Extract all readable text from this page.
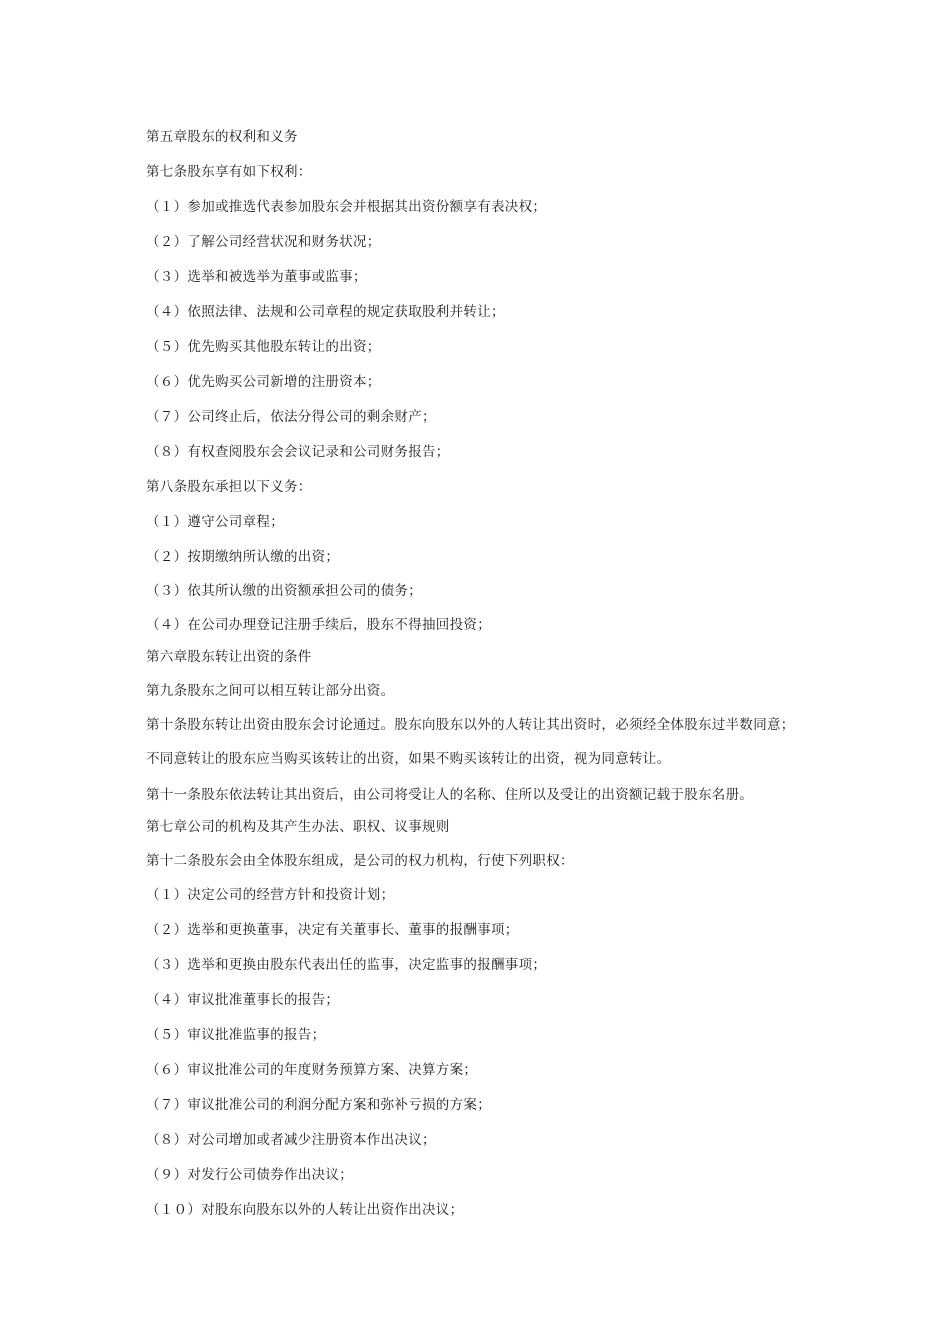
第五章股东的权利和义务
第七条股东享有如下权利：
（１）参加或推选代表参加股东会并根据其出资份额享有表决权；
（２）了解公司经营状况和财务状况；
（３）选举和被选举为董事或监事；
（４）依照法律、法规和公司章程的规定获取股利并转让；
（５）优先购买其他股东转让的出资；
（６）优先购买公司新增的注册资本；
（７）公司终止后，依法分得公司的剩余财产；
（８）有权查阅股东会会议记录和公司财务报告；
第八条股东承担以下义务：
（１）遵守公司章程；
（２）按期缴纳所认缴的出资；
（３）依其所认缴的出资额承担公司的债务；
（４）在公司办理登记注册手续后，股东不得抽回投资；
第六章股东转让出资的条件
第九条股东之间可以相互转让部分出资。
第十条股东转让出资由股东会讨论通过。股东向股东以外的人转让其出资时，必须经全体股东过半数同意；
不同意转让的股东应当购买该转让的出资，如果不购买该转让的出资，视为同意转让。
第十一条股东依法转让其出资后，由公司将受让人的名称、住所以及受让的出资额记载于股东名册。
第七章公司的机构及其产生办法、职权、议事规则
第十二条股东会由全体股东组成，是公司的权力机构，行使下列职权：
（１）决定公司的经营方针和投资计划；
（２）选举和更换董事，决定有关董事长、董事的报酬事项；
（３）选举和更换由股东代表出任的监事，决定监事的报酬事项；
（４）审议批准董事长的报告；
（５）审议批准监事的报告；
（６）审议批准公司的年度财务预算方案、决算方案；
（７）审议批准公司的利润分配方案和弥补亏损的方案；
（８）对公司增加或者减少注册资本作出决议；
（９）对发行公司债券作出决议；
（１０）对股东向股东以外的人转让出资作出决议；
